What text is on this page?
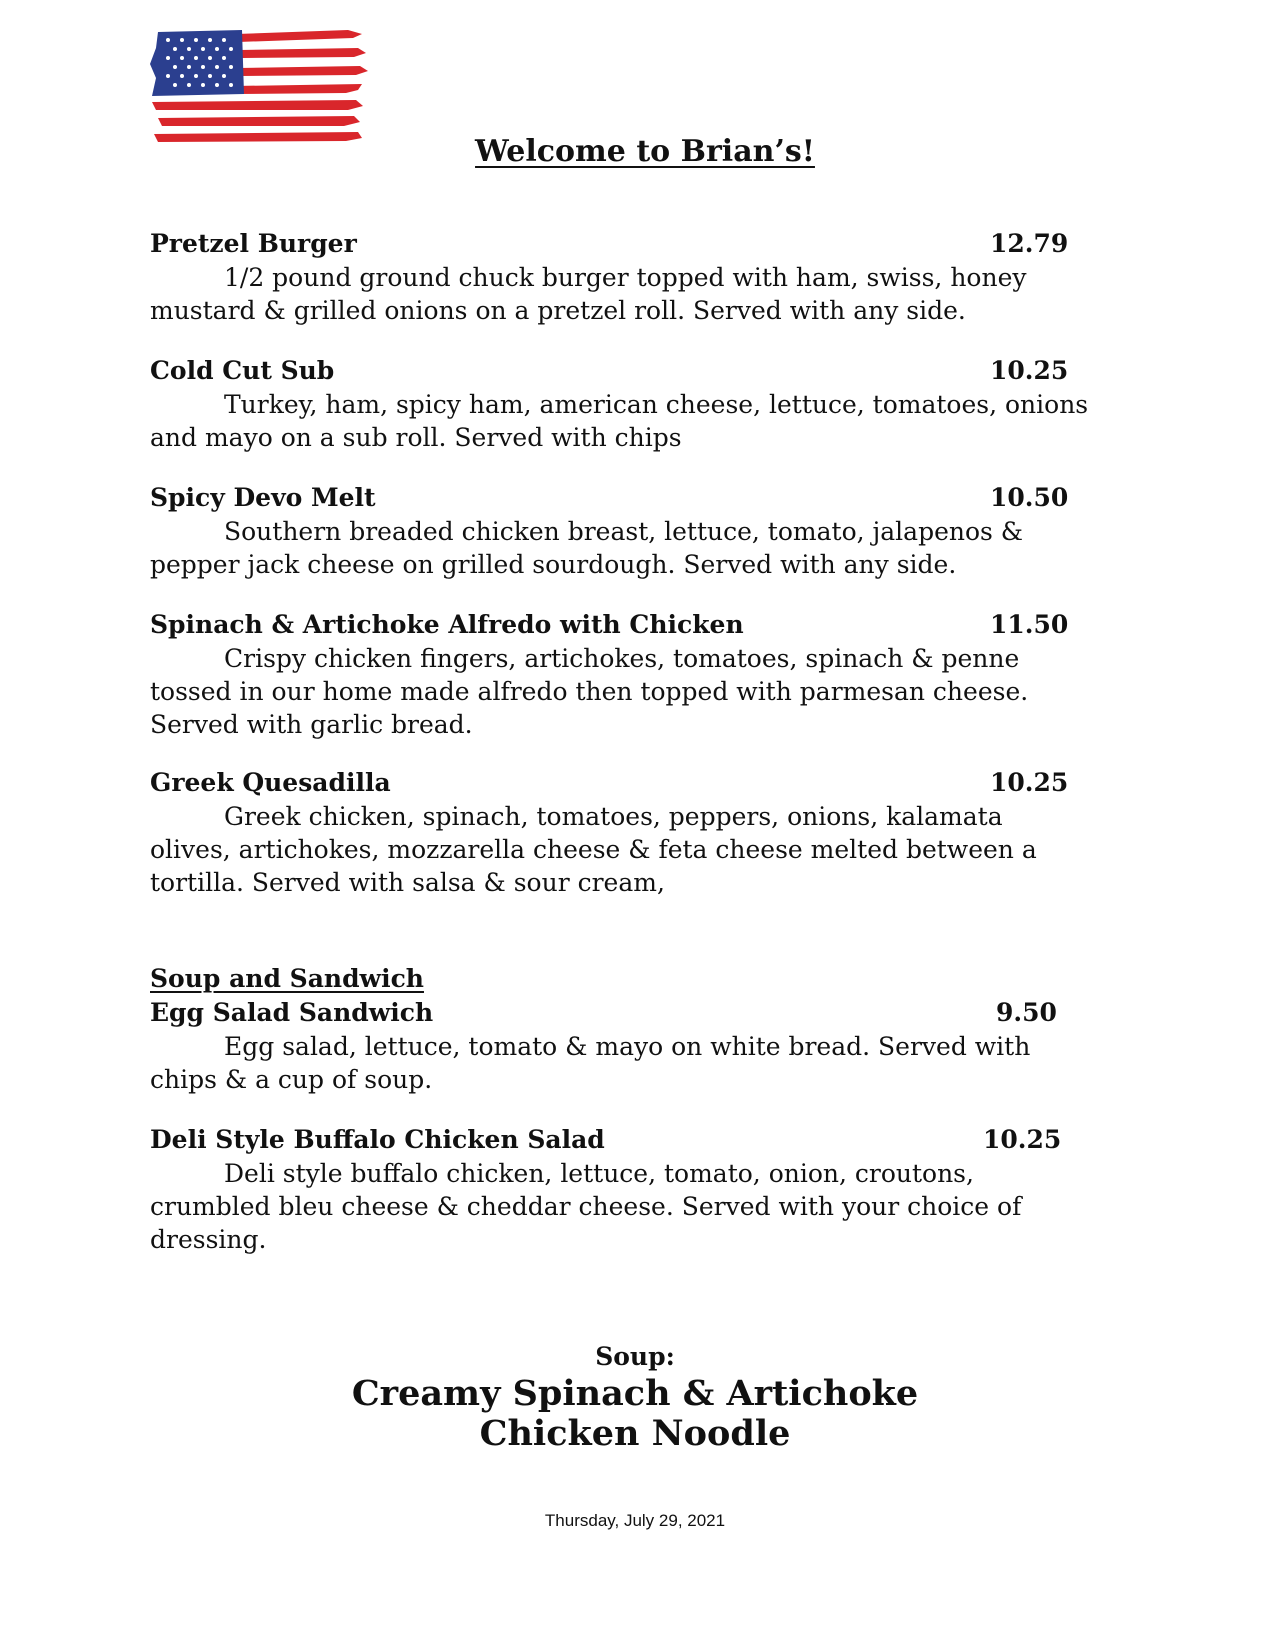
Welcome to Brian’s!
Pretzel Burger	12.79

1/2 pound ground chuck burger topped with ham, swiss, honey mustard & grilled onions on a pretzel roll. Served with any side.

Cold Cut Sub	10.25

Turkey, ham, spicy ham, american cheese, lettuce, tomatoes, onions and mayo on a sub roll. Served with chips

Spicy Devo Melt	10.50

Southern breaded chicken breast, lettuce, tomato, jalapenos & pepper jack cheese on grilled sourdough. Served with any side.

Spinach & Artichoke Alfredo with Chicken	11.50

Crispy chicken fingers, artichokes, tomatoes, spinach & penne tossed in our home made alfredo then topped with parmesan cheese. Served with garlic bread.

Greek Quesadilla	10.25

Greek chicken, spinach, tomatoes, peppers, onions, kalamata olives, artichokes, mozzarella cheese & feta cheese melted between a tortilla. Served with salsa & sour cream,

Soup and Sandwich
Egg Salad Sandwich	9.50

Egg salad, lettuce, tomato & mayo on white bread. Served with chips & a cup of soup.

Deli Style Buffalo Chicken Salad	10.25

Deli style buffalo chicken, lettuce, tomato, onion, croutons, crumbled bleu cheese & cheddar cheese. Served with your choice of dressing.

Soup:
Creamy Spinach & Artichoke
Chicken Noodle
Thursday, July 29, 2021
